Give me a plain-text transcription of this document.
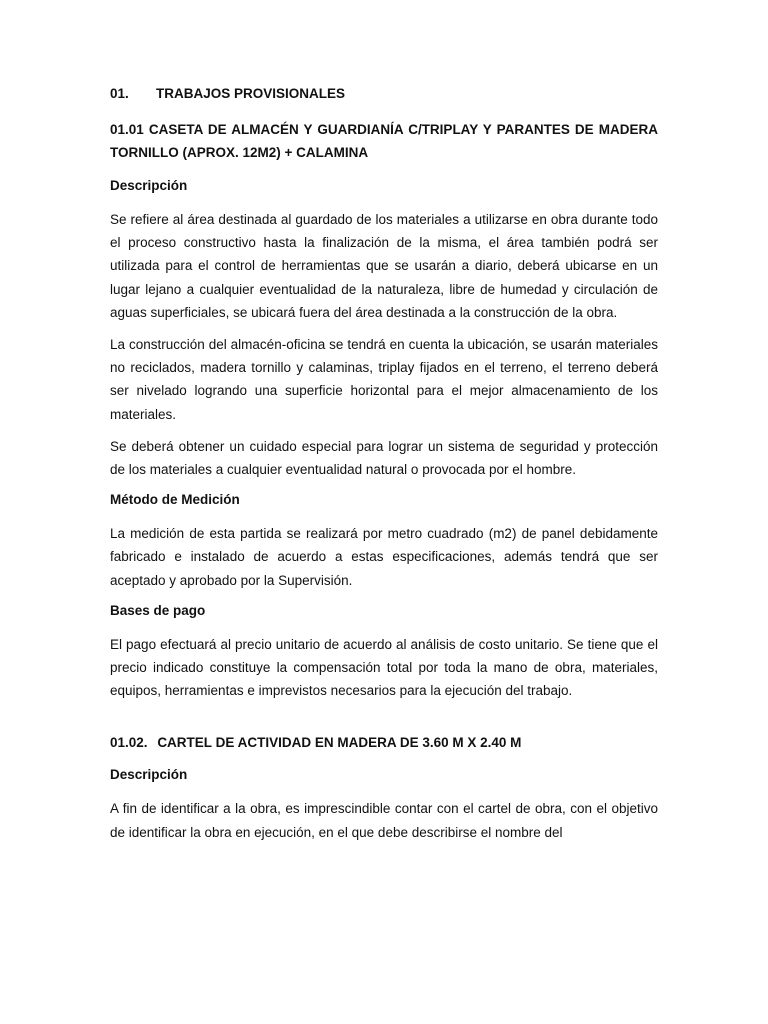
01.	TRABAJOS PROVISIONALES
01.01 CASETA DE ALMACÉN Y GUARDIANÍA C/TRIPLAY Y PARANTES DE MADERA TORNILLO (APROX. 12M2) + CALAMINA
Descripción

Se refiere al área destinada al guardado de los materiales a utilizarse en obra durante todo el proceso constructivo hasta la finalización de la misma, el área también podrá ser utilizada para el control de herramientas que se usarán a diario, deberá ubicarse en un lugar lejano a cualquier eventualidad de la naturaleza, libre de humedad y circulación de aguas superficiales, se ubicará fuera del área destinada a la construcción de la obra.

La construcción del almacén-oficina se tendrá en cuenta la ubicación, se usarán materiales no reciclados, madera tornillo y calaminas, triplay fijados en el terreno, el terreno deberá ser nivelado logrando una superficie horizontal para el mejor almacenamiento de los materiales.

Se deberá obtener un cuidado especial para lograr un sistema de seguridad y protección de los materiales a cualquier eventualidad natural o provocada por el hombre.

Método de Medición

La medición de esta partida se realizará por metro cuadrado (m2) de panel debidamente fabricado e instalado de acuerdo a estas especificaciones, además tendrá que ser aceptado y aprobado por la Supervisión.

Bases de pago

El pago efectuará al precio unitario de acuerdo al análisis de costo unitario. Se tiene que el precio indicado constituye la compensación total por toda la mano de obra, materiales, equipos, herramientas e imprevistos necesarios para la ejecución del trabajo.

01.02. CARTEL DE ACTIVIDAD EN MADERA DE 3.60 M X 2.40 M
Descripción

A fin de identificar a la obra, es imprescindible contar con el cartel de obra, con el objetivo de identificar la obra en ejecución, en el que debe describirse el nombre del
